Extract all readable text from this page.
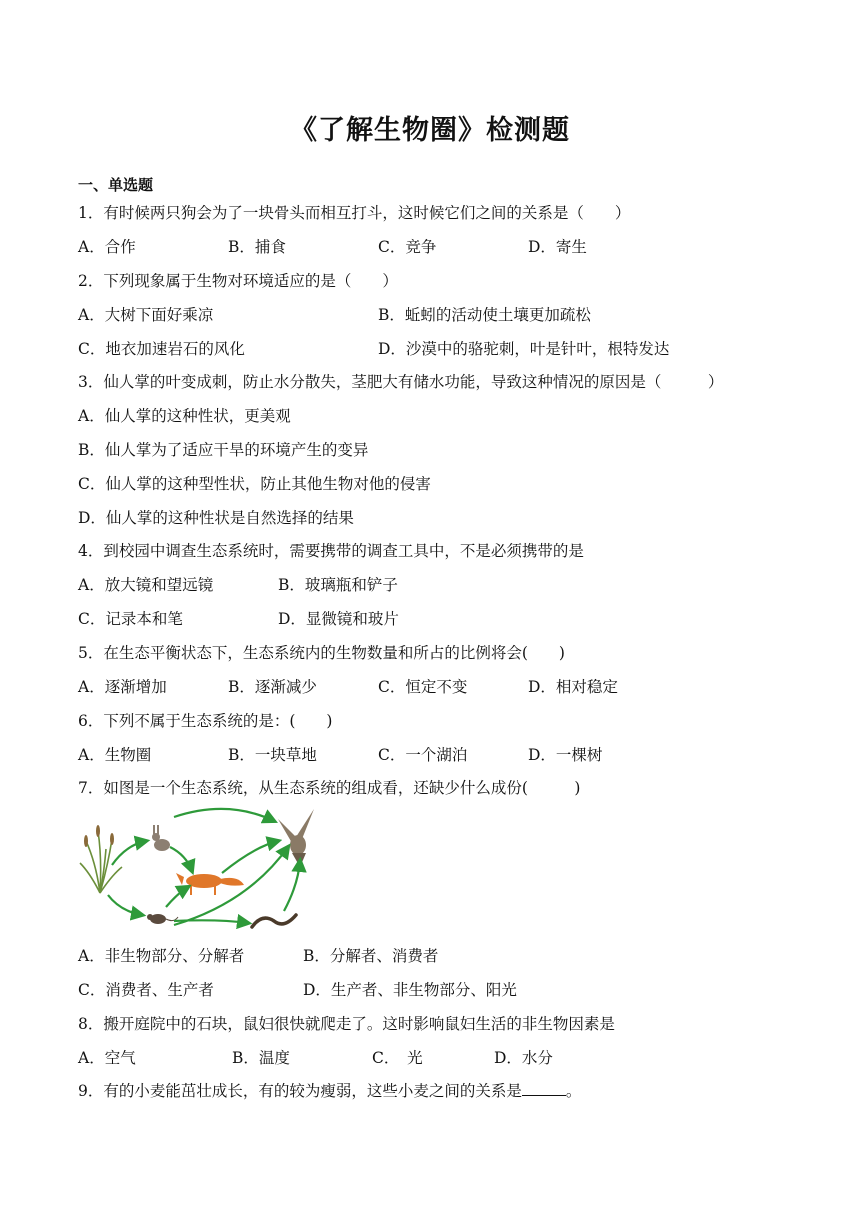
《了解生物圈》检测题
一、单选题
1．有时候两只狗会为了一块骨头而相互打斗，这时候它们之间的关系是（　　）
A．合作	B．捕食	C．竞争	D．寄生
2．下列现象属于生物对环境适应的是（　　）
A．大树下面好乘凉	B．蚯蚓的活动使土壤更加疏松
C．地衣加速岩石的风化	D．沙漠中的骆驼刺，叶是针叶，根特发达
3．仙人掌的叶变成刺，防止水分散失，茎肥大有储水功能，导致这种情况的原因是（　　　）
A．仙人掌的这种性状，更美观
B．仙人掌为了适应干旱的环境产生的变异
C．仙人掌的这种型性状，防止其他生物对他的侵害
D．仙人掌的这种性状是自然选择的结果
4．到校园中调查生态系统时，需要携带的调查工具中，不是必须携带的是
A．放大镜和望远镜	B．玻璃瓶和铲子
C．记录本和笔	D．显微镜和玻片
5．在生态平衡状态下，生态系统内的生物数量和所占的比例将会(　　)
A．逐渐增加	B．逐渐减少	C．恒定不变	D．相对稳定
6．下列不属于生态系统的是：(　　)
A．生物圈	B．一块草地	C．一个湖泊	D．一棵树
7．如图是一个生态系统，从生态系统的组成看，还缺少什么成份(　　　)
A．非生物部分、分解者	B．分解者、消费者
C．消费者、生产者	D．生产者、非生物部分、阳光
8．搬开庭院中的石块，鼠妇很快就爬走了。这时影响鼠妇生活的非生物因素是
A．空气	B．温度	C．　光	D．水分
9．有的小麦能茁壮成长，有的较为瘦弱，这些小麦之间的关系是	。
